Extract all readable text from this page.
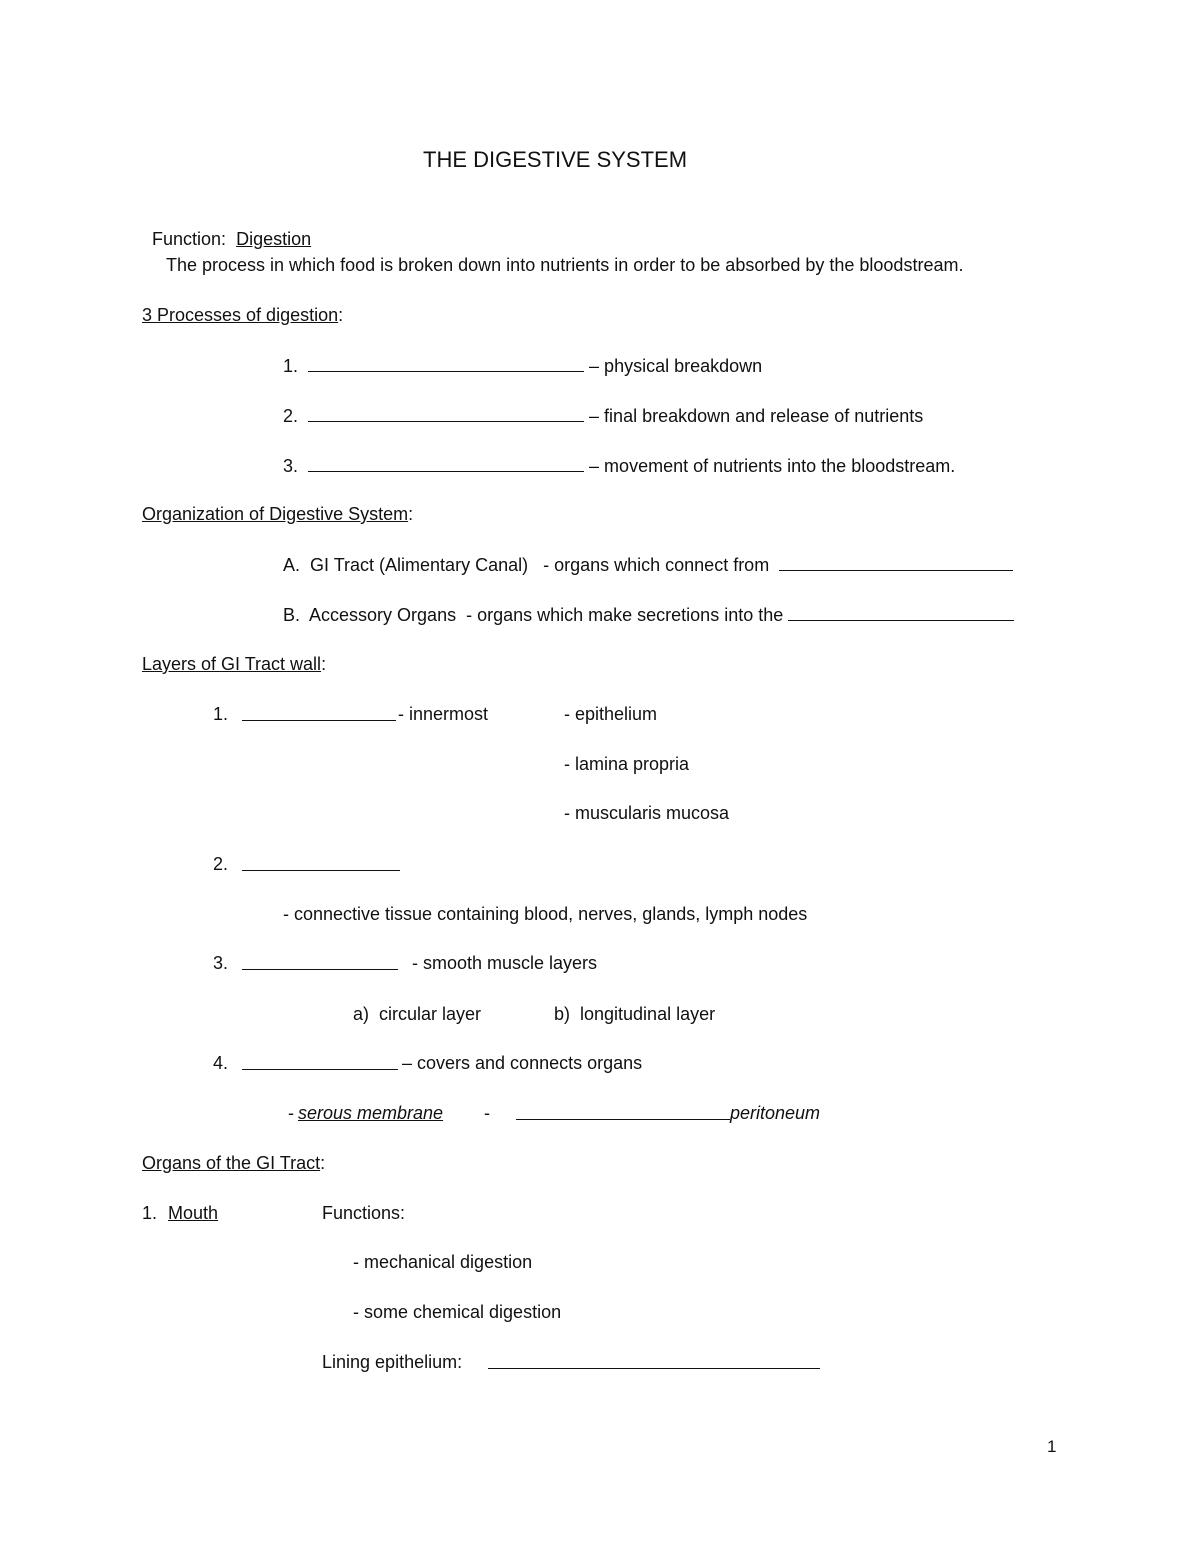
THE DIGESTIVE SYSTEM

Function: Digestion

The process in which food is broken down into nutrients in order to be absorbed by the bloodstream.
3 Processes of digestion:
1.	– physical breakdown
2.	– final breakdown and release of nutrients
3.	– movement of nutrients into the bloodstream.
Organization of Digestive System:
A. GI Tract (Alimentary Canal)   - organs which connect from
B. Accessory Organs  - organs which make secretions into the
Layers of GI Tract wall:
1.	- innermost	- epithelium
- lamina propria
- muscularis mucosa
2.
- connective tissue containing blood, nerves, glands, lymph nodes
3.	- smooth muscle layers
a)  circular layer	b)  longitudinal layer
4.	– covers and connects organs
- serous membrane -	peritoneum
Organs of the GI Tract:
1. Mouth	Functions:
- mechanical digestion
- some chemical digestion
Lining epithelium:
1
